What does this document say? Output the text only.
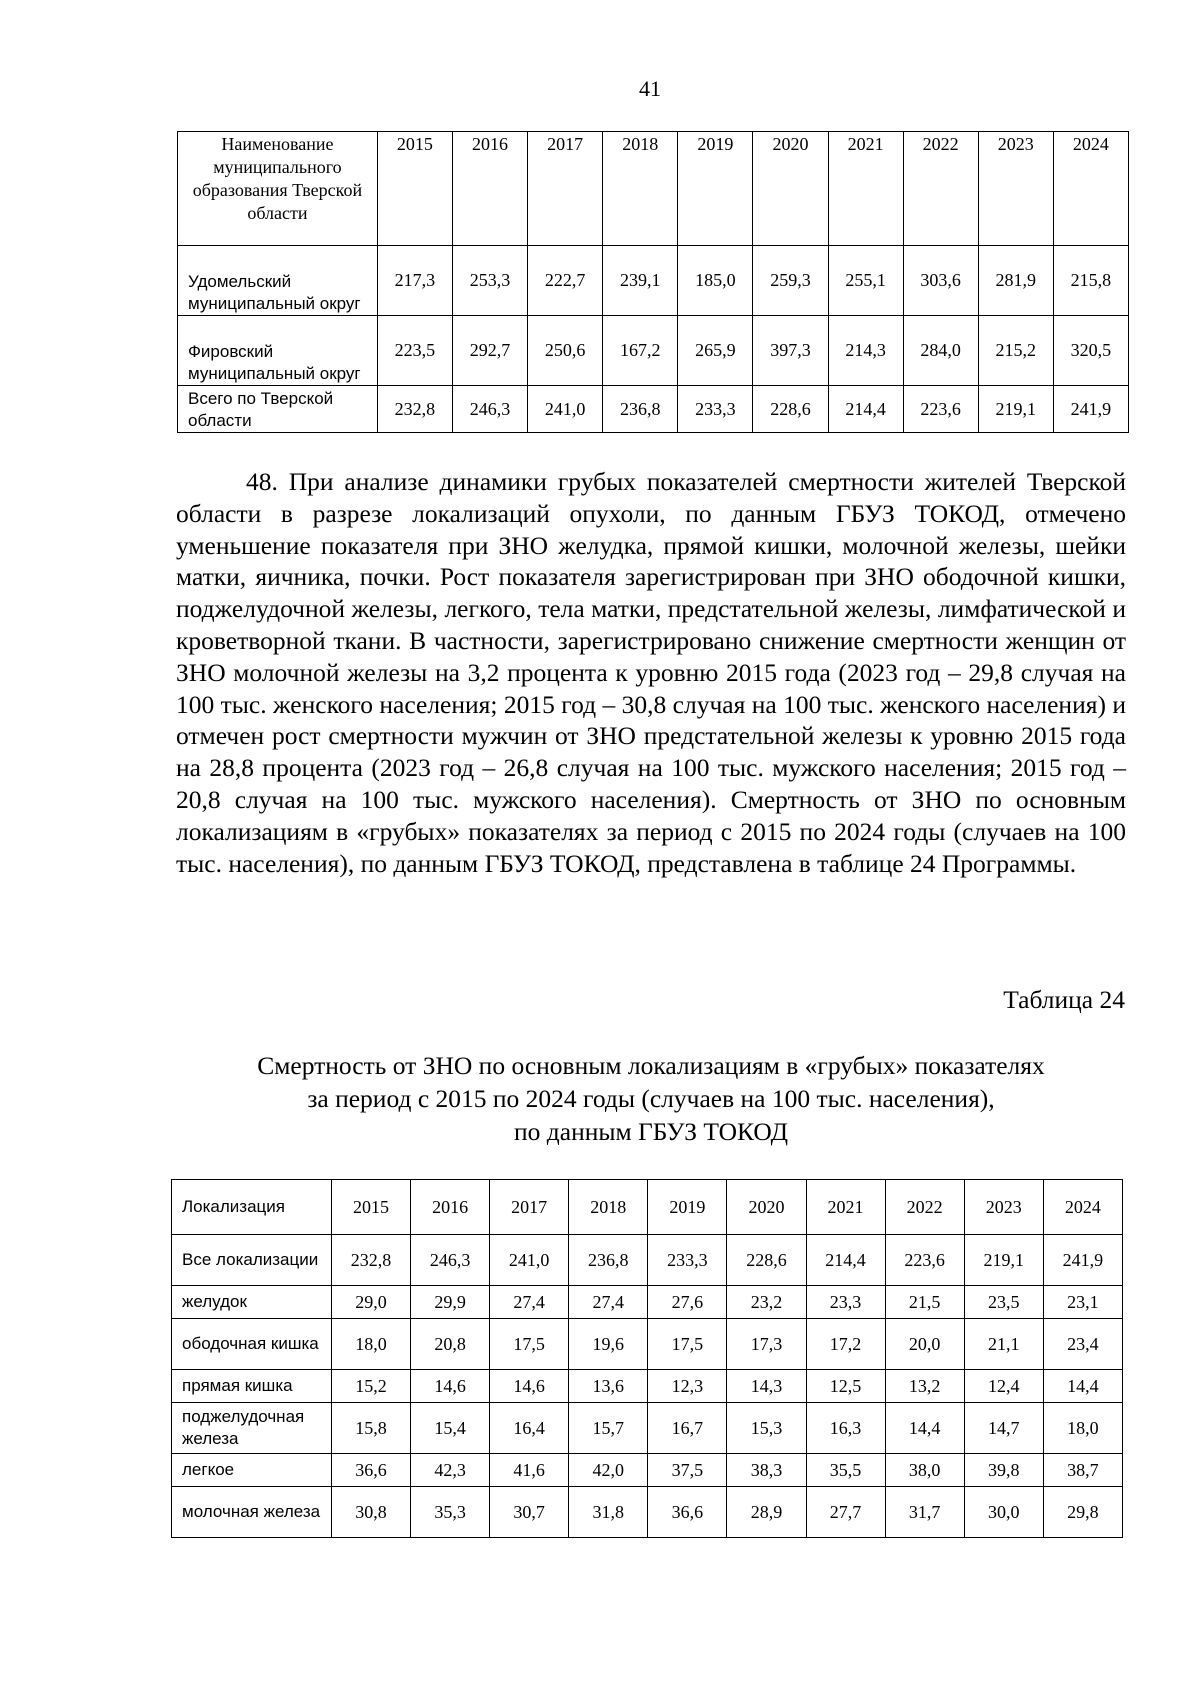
41
Наименование муниципального образования Тверской области	2015	2016	2017	2018	2019	2020	2021	2022	2023	2024
Удомельский муниципальный округ	217,3	253,3	222,7	239,1	185,0	259,3	255,1	303,6	281,9	215,8
Фировский муниципальный округ	223,5	292,7	250,6	167,2	265,9	397,3	214,3	284,0	215,2	320,5
Всего по Тверской области	232,8	246,3	241,0	236,8	233,3	228,6	214,4	223,6	219,1	241,9

48. При анализе динамики грубых показателей смертности жителей Тверской области в разрезе локализаций опухоли, по данным ГБУЗ ТОКОД, отмечено уменьшение показателя при ЗНО желудка, прямой кишки, молочной железы, шейки матки, яичника, почки. Рост показателя зарегистрирован при ЗНО ободочной кишки, поджелудочной железы, легкого, тела матки, предстательной железы, лимфатической и кроветворной ткани. В частности, зарегистрировано снижение смертности женщин от ЗНО молочной железы на 3,2 процента к уровню 2015 года (2023 год – 29,8 случая на 100 тыс. женского населения; 2015 год – 30,8 случая на 100 тыс. женского населения) и отмечен рост смертности мужчин от ЗНО предстательной железы к уровню 2015 года на 28,8 процента (2023 год – 26,8 случая на 100 тыс. мужского населения; 2015 год – 20,8 случая на 100 тыс. мужского населения). Смертность от ЗНО по основным локализациям в «грубых» показателях за период с 2015 по 2024 годы (случаев на 100 тыс. населения), по данным ГБУЗ ТОКОД, представлена в таблице 24 Программы.

Таблица 24
Смертность от ЗНО по основным локализациям в «грубых» показателях
за период с 2015 по 2024 годы (случаев на 100 тыс. населения),
по данным ГБУЗ ТОКОД
Локализация	2015	2016	2017	2018	2019	2020	2021	2022	2023	2024
Все локализации	232,8	246,3	241,0	236,8	233,3	228,6	214,4	223,6	219,1	241,9
желудок	29,0	29,9	27,4	27,4	27,6	23,2	23,3	21,5	23,5	23,1
ободочная кишка	18,0	20,8	17,5	19,6	17,5	17,3	17,2	20,0	21,1	23,4
прямая кишка	15,2	14,6	14,6	13,6	12,3	14,3	12,5	13,2	12,4	14,4
поджелудочная железа	15,8	15,4	16,4	15,7	16,7	15,3	16,3	14,4	14,7	18,0
легкое	36,6	42,3	41,6	42,0	37,5	38,3	35,5	38,0	39,8	38,7
молочная железа	30,8	35,3	30,7	31,8	36,6	28,9	27,7	31,7	30,0	29,8
